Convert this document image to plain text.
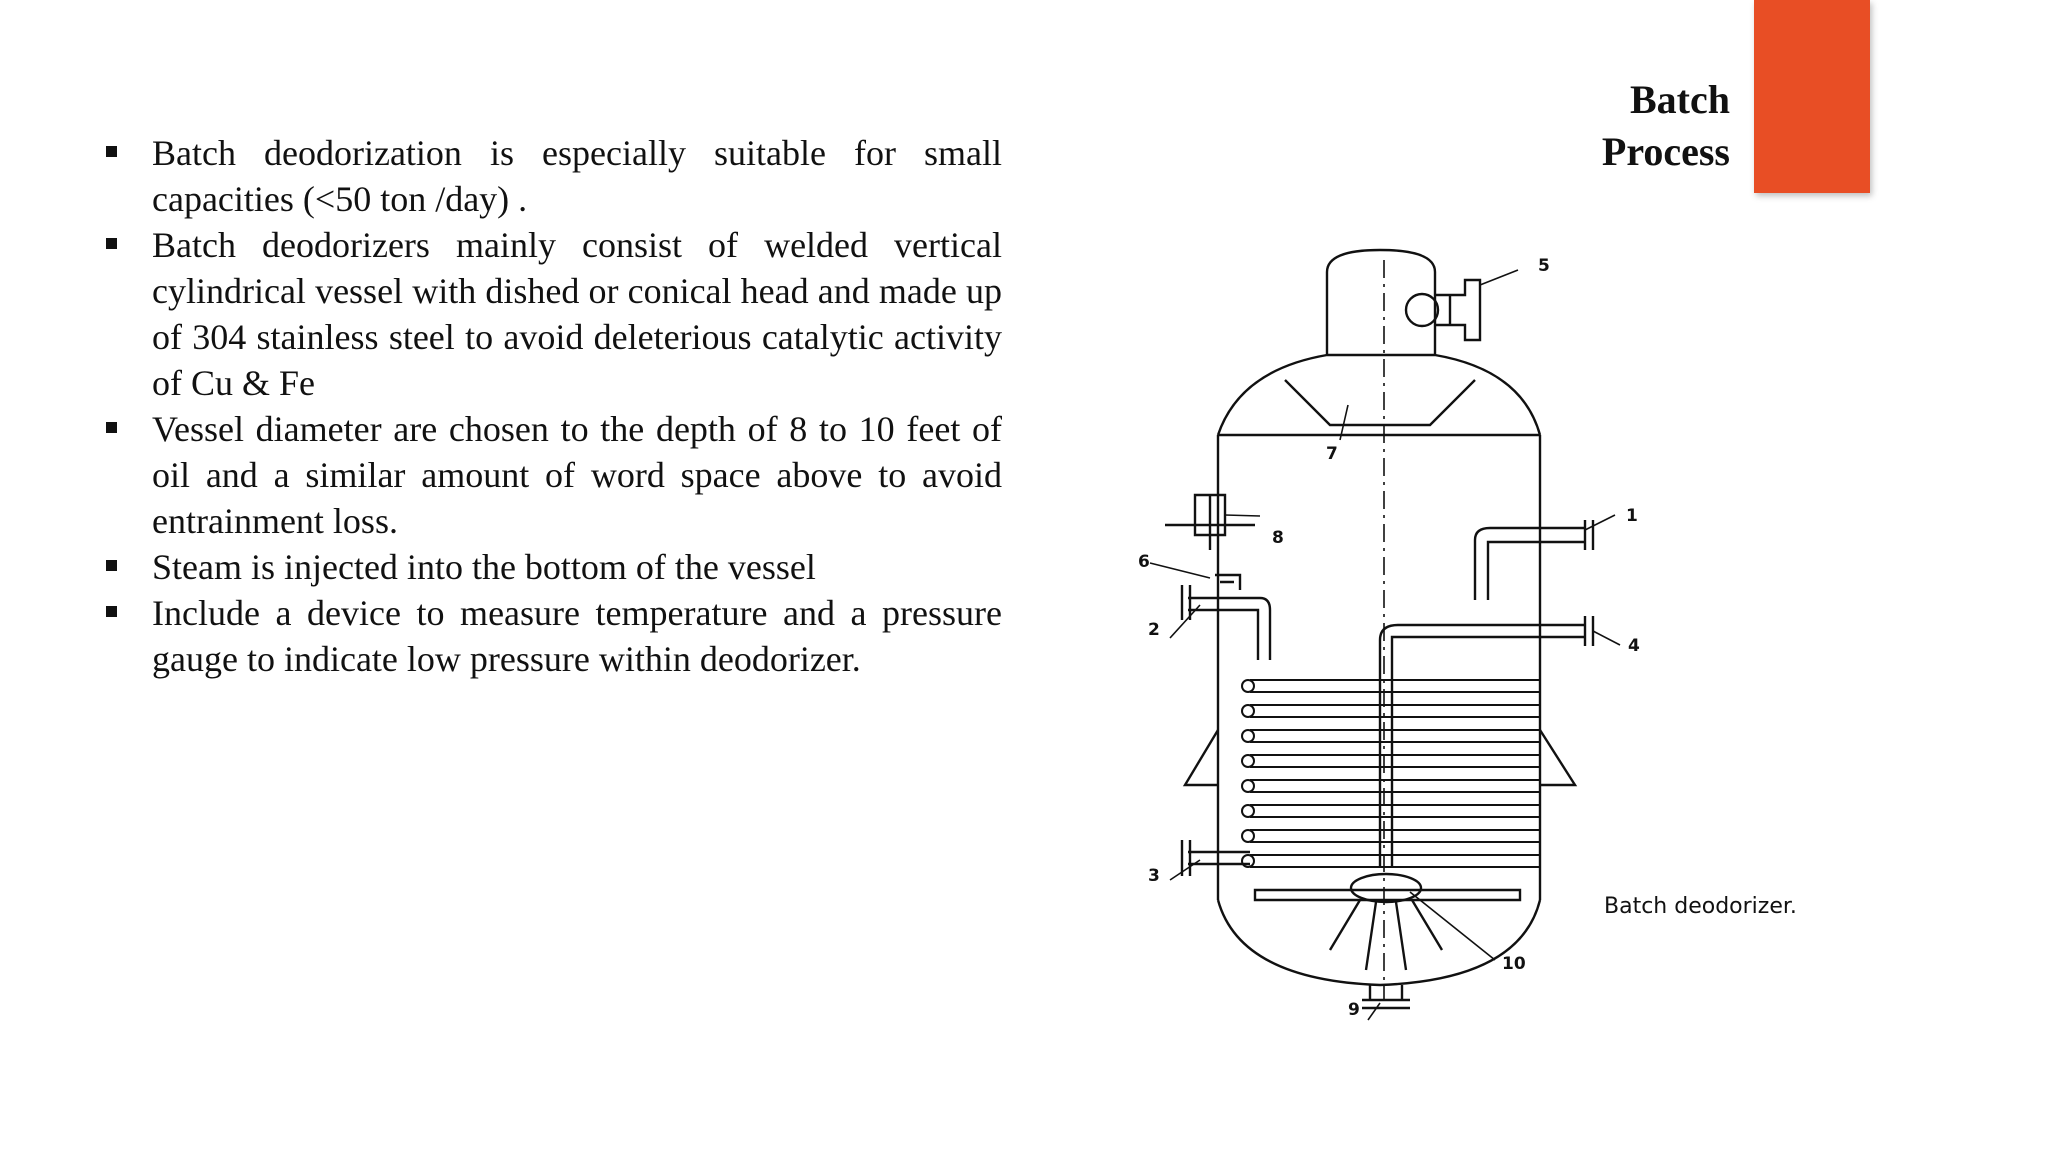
Batch
Process
Batch deodorization is especially suitable for small capacities (<50 ton /day) .
Batch deodorizers mainly consist of welded vertical cylindrical vessel with dished or conical head and made up of 304 stainless steel to avoid deleterious catalytic activity of Cu & Fe
Vessel diameter are chosen to the depth of 8 to 10 feet of oil and a similar amount of word space above to avoid entrainment loss.
Steam is injected into the bottom of the vessel
Include a device to measure temperature and a pressure gauge to indicate low pressure within deodorizer.
5
1
2
4
3
6
7
8
9
10
Batch deodorizer.
